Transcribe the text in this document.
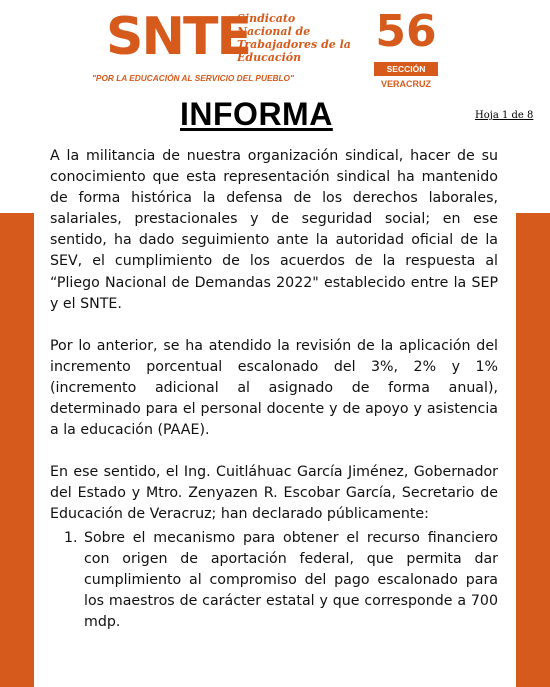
SNTE
Sindicato
Nacional de
Trabajadores de la
Educación
"POR LA EDUCACIÓN AL SERVICIO DEL PUEBLO"
56
SECCIÓN
VERACRUZ
INFORMA	Hoja 1 de 8

A la militancia de nuestra organización sindical, hacer de su conocimiento que esta representación sindical ha mantenido de forma histórica la defensa de los derechos laborales, salariales, prestacionales y de seguridad social; en ese sentido, ha dado seguimiento ante la autoridad oficial de la SEV, el cumplimiento de los acuerdos de la respuesta al “Pliego Nacional de Demandas 2022" establecido entre la SEP y el SNTE.

Por lo anterior, se ha atendido la revisión de la aplicación del incremento porcentual escalonado del 3%, 2% y 1% (incremento adicional al asignado de forma anual), determinado para el personal docente y de apoyo y asistencia a la educación (PAAE).

En ese sentido, el Ing. Cuitláhuac García Jiménez, Gobernador del Estado y Mtro. Zenyazen R. Escobar García, Secretario de Educación de Veracruz; han declarado públicamente:

1. Sobre el mecanismo para obtener el recurso financiero con origen de aportación federal, que permita dar cumplimiento al compromiso del pago escalonado para los maestros de carácter estatal y que corresponde a 700 mdp.
